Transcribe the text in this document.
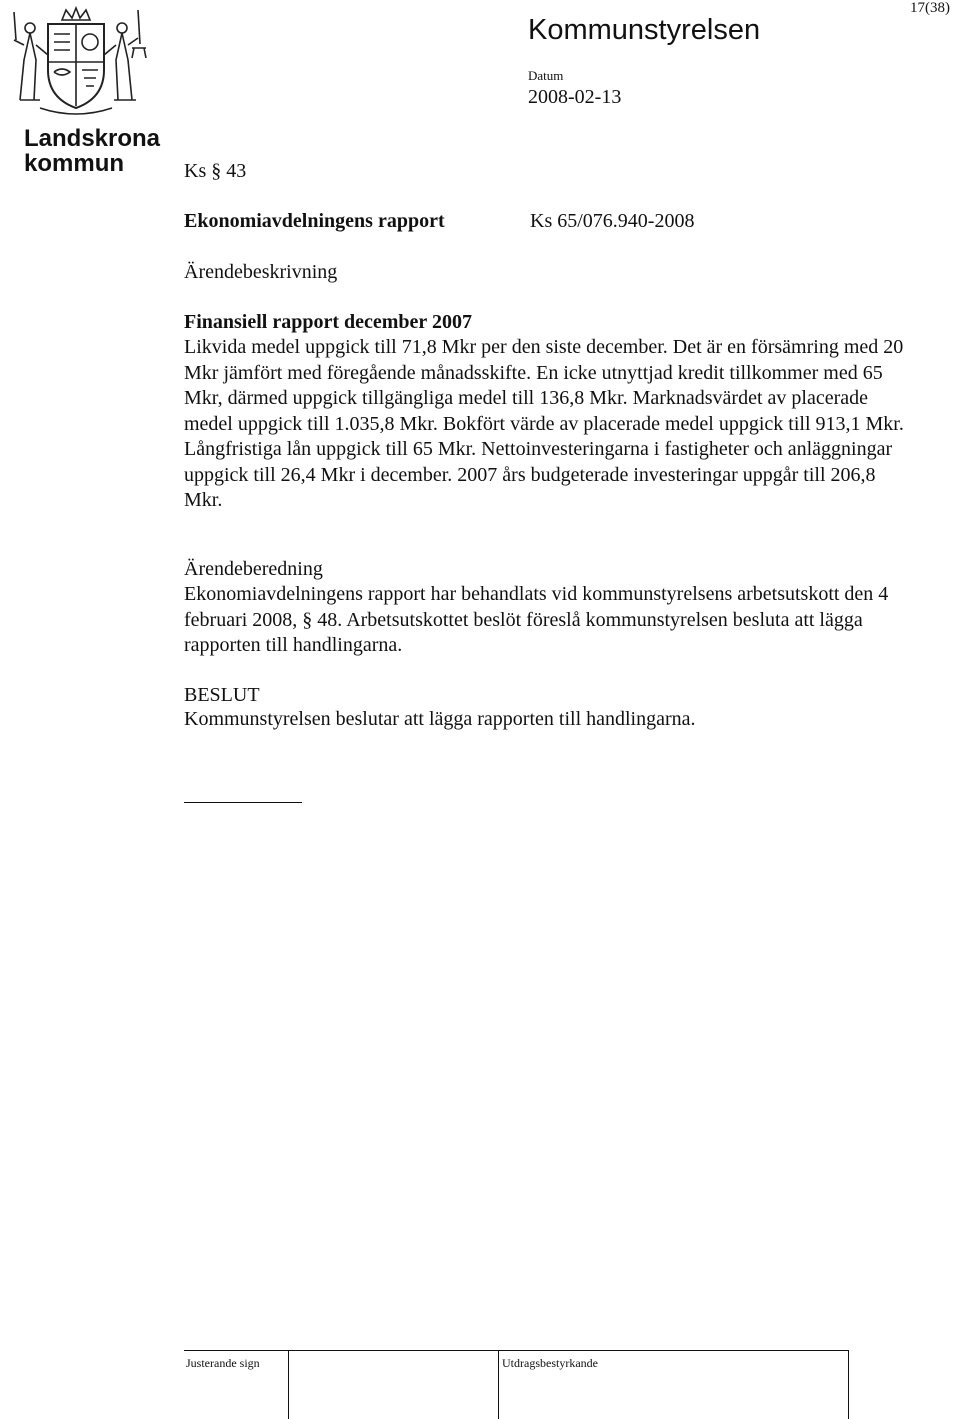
17(38)
Landskrona
kommun
Kommunstyrelsen
Datum
2008-02-13
Ks § 43
Ekonomiavdelningens rapport	Ks 65/076.940-2008
Ärendebeskrivning
Finansiell rapport december 2007
Likvida medel uppgick till 71,8 Mkr per den siste december. Det är en försämring med 20 Mkr jämfört med föregående månadsskifte. En icke utnyttjad kredit tillkommer med 65 Mkr, därmed uppgick tillgängliga medel till 136,8 Mkr. Marknadsvärdet av placerade medel uppgick till 1.035,8 Mkr. Bokfört värde av placerade medel uppgick till 913,1 Mkr. Långfristiga lån uppgick till 65 Mkr. Nettoinvesteringarna i fastigheter och anläggningar uppgick till 26,4 Mkr i december. 2007 års budgeterade investeringar uppgår till 206,8 Mkr.
Ärendeberedning
Ekonomiavdelningens rapport har behandlats vid kommunstyrelsens arbetsutskott den 4 februari 2008, § 48. Arbetsutskottet beslöt föreslå kommunstyrelsen besluta att lägga rapporten till handlingarna.
BESLUT
Kommunstyrelsen beslutar att lägga rapporten till handlingarna.
Justerande sign	Utdragsbestyrkande
